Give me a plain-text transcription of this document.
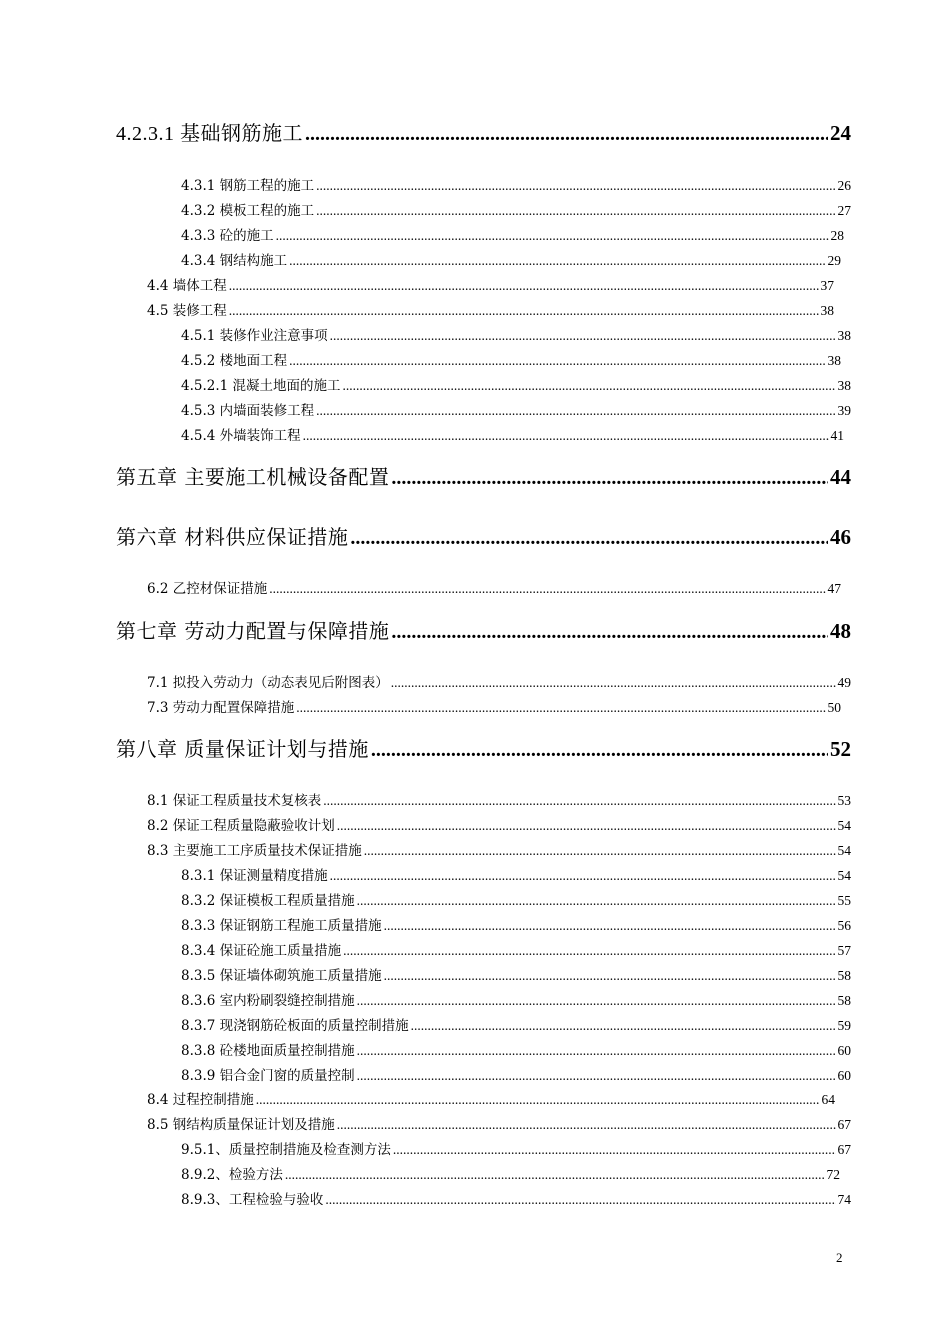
4.2.3.1 基础钢筋施工 .....	24
4.3.1 钢筋工程的施工 .....	26
4.3.2 模板工程的施工 .....	27
4.3.3 砼的施工 .....	28
4.3.4 钢结构施工 .....	29
4.4 墙体工程 .....	37
4.5 装修工程 .....	38
4.5.1 装修作业注意事项 .....	38
4.5.2 楼地面工程 .....	38
4.5.2.1 混凝土地面的施工 .....	38
4.5.3 内墙面装修工程 .....	39
4.5.4 外墙装饰工程 .....	41
第五章 主要施工机械设备配置 .....	44
第六章 材料供应保证措施 .....	46
6.2 乙控材保证措施 .....	47
第七章 劳动力配置与保障措施 .....	48
7.1 拟投入劳动力（动态表见后附图表） .....	49
7.3 劳动力配置保障措施 .....	50
第八章 质量保证计划与措施 .....	52
8.1 保证工程质量技术复核表 .....	53
8.2 保证工程质量隐蔽验收计划 .....	54
8.3 主要施工工序质量技术保证措施 .....	54
8.3.1 保证测量精度措施 .....	54
8.3.2 保证模板工程质量措施 .....	55
8.3.3 保证钢筋工程施工质量措施 .....	56
8.3.4 保证砼施工质量措施 .....	57
8.3.5 保证墙体砌筑施工质量措施 .....	58
8.3.6 室内粉刷裂缝控制措施 .....	58
8.3.7 现浇钢筋砼板面的质量控制措施 .....	59
8.3.8 砼楼地面质量控制措施 .....	60
8.3.9 铝合金门窗的质量控制 .....	60
8.4 过程控制措施 .....	64
8.5 钢结构质量保证计划及措施 .....	67
9.5.1、质量控制措施及检查测方法 .....	67
8.9.2、检验方法 .....	72
8.9.3、工程检验与验收 .....	74
2
